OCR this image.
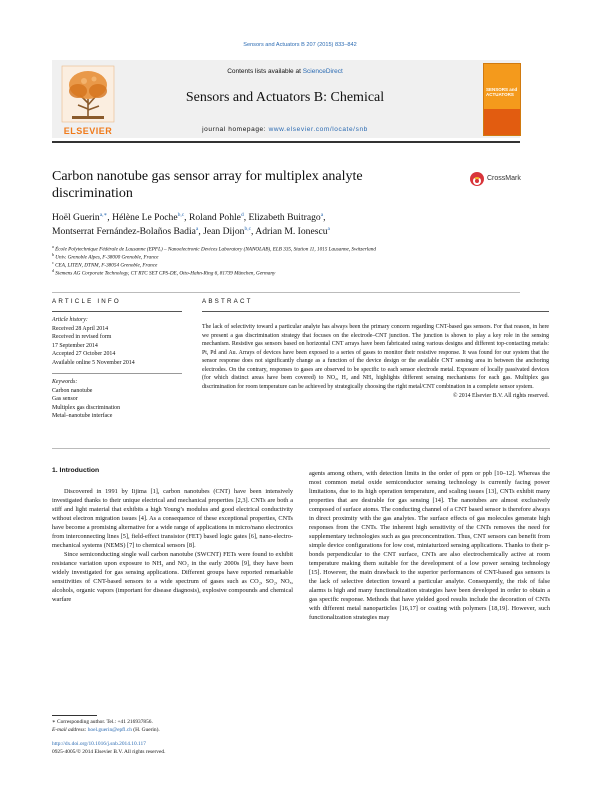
Sensors and Actuators B 207 (2015) 833–842
ELSEVIER
Contents lists available at ScienceDirect
Sensors and Actuators B: Chemical
journal homepage: www.elsevier.com/locate/snb
SENSORS and ACTUATORS
Carbon nanotube gas sensor array for multiplex analyte discrimination
CrossMark
Hoël Guerin$^{a,∗}$, Hélène Le Poche$^{b,c}$, Roland Pohle$^d$, Elizabeth Buitrago$^a$,
Montserrat Fernández-Bolaños Badia$^a$, Jean Dijon$^{b,c}$, Adrian M. Ionescu$^a$
$^a$ École Polytechnique Fédérale de Lausanne (EPFL) – Nanoelectronic Devices Laboratory (NANOLAB), ELB 335, Station 11, 1015 Lausanne, Switzerland
$^b$ Univ. Grenoble Alpes, F-38000 Grenoble, France
$^c$ CEA, LITEN, DTNM, F-38054 Grenoble, France
$^d$ Siemens AG Corporate Technology, CT RTC SET CPS-DE, Otto-Hahn-Ring 6, 81739 München, Germany
ARTICLE INFO	ABSTRACT
Article history:
Received 28 April 2014
Received in revised form
17 September 2014
Accepted 27 October 2014
Available online 5 November 2014
Keywords:
Carbon nanotube
Gas sensor
Multiplex gas discrimination
Metal–nanotube interface
The lack of selectivity toward a particular analyte has always been the primary concern regarding CNT-based gas sensors. For that reason, in here we present a gas discrimination strategy that focuses on the electrode–CNT junction. The junction is shown to play a key role in the sensing mechanism. Resistive gas sensors based on horizontal CNT arrays have been fabricated using various designs and different top-contacting metals: Pt, Pd and Au. Arrays of devices have been exposed to a series of gases to monitor their resistive response. It was found for our system that the sensor response does not significantly change as a function of the device design or the available CNT sensing area in between the anchoring electrodes. On the contrary, responses to gases are observed to be specific to each sensor electrode metal. Exposure of locally passivated devices (for which distinct areas have been covered) to NO₂, H₂ and NH₃ highlights different sensing mechanisms for each gas. Multiplex gas discrimination for room temperature can be achieved by strategically choosing the right metal/CNT combination in a complete sensor system.
© 2014 Elsevier B.V. All rights reserved.
1. Introduction

Discovered in 1991 by Iijima [1], carbon nanotubes (CNT) have been intensively investigated thanks to their unique electrical and mechanical properties [2,3]. CNTs are both a stiff and light material that exhibits a high Young’s modulus and good electrical conductivity without electron migration issues [4]. As a consequence of these exceptional properties, CNTs have become a promising alternative for a wide range of applications in micro/nano electronics from interconnecting lines [5], field-effect transistor (FET) based logic gates [6], nano-electro-mechanical systems (NEMS) [7] to chemical sensors [8].

Since semiconducting single wall carbon nanotube (SWCNT) FETs were found to exhibit resistance variation upon exposure to NH₃ and NO₂ in the early 2000s [9], they have been widely investigated for gas sensing applications. Different groups have reported remarkable sensitivities of CNT-based sensors to a wide spectrum of gases such as CO₂, SO₂, NOₓ, alcohols, organic vapors (important for disease diagnosis), explosive compounds and chemical warfare

agents among others, with detection limits in the order of ppm or ppb [10–12]. Whereas the most common metal oxide semiconductor sensing technology is currently facing power limitations, due to its high operation temperature, and scaling issues [13], CNTs exhibit many properties that are desirable for gas sensing [14]. The nanotubes are almost exclusively composed of surface atoms. The conducting channel of a CNT based sensor is therefore always in direct proximity with the gas analytes. The surface effects of gas molecules generate high responses from the CNTs. The inherent high sensitivity of the CNTs removes the need for supplementary technologies such as gas preconcentration. Thus, CNT sensors can benefit from simple device configurations for low cost, miniaturized sensing applications. Thanks to their p-bonds perpendicular to the CNT surface, CNTs are also electrochemically active at room temperature making them suitable for the development of a low power sensing technology [15]. However, the main drawback to the superior performances of CNT-based gas sensors is the lack of selective detection toward a particular analyte. Consequently, the risk of false alarms is high and many functionalization strategies have been developed in order to obtain a gas specific response. Methods that have yielded good results include the decoration of CNTs with different metal nanoparticles [16,17] or coating with polymers [18,19]. However, such functionalization strategies may
∗ Corresponding author. Tel.: +41 216937856.
E-mail address: hoel.guerin@epfl.ch (H. Guerin).
http://dx.doi.org/10.1016/j.snb.2014.10.117
0925-4005/© 2014 Elsevier B.V. All rights reserved.
